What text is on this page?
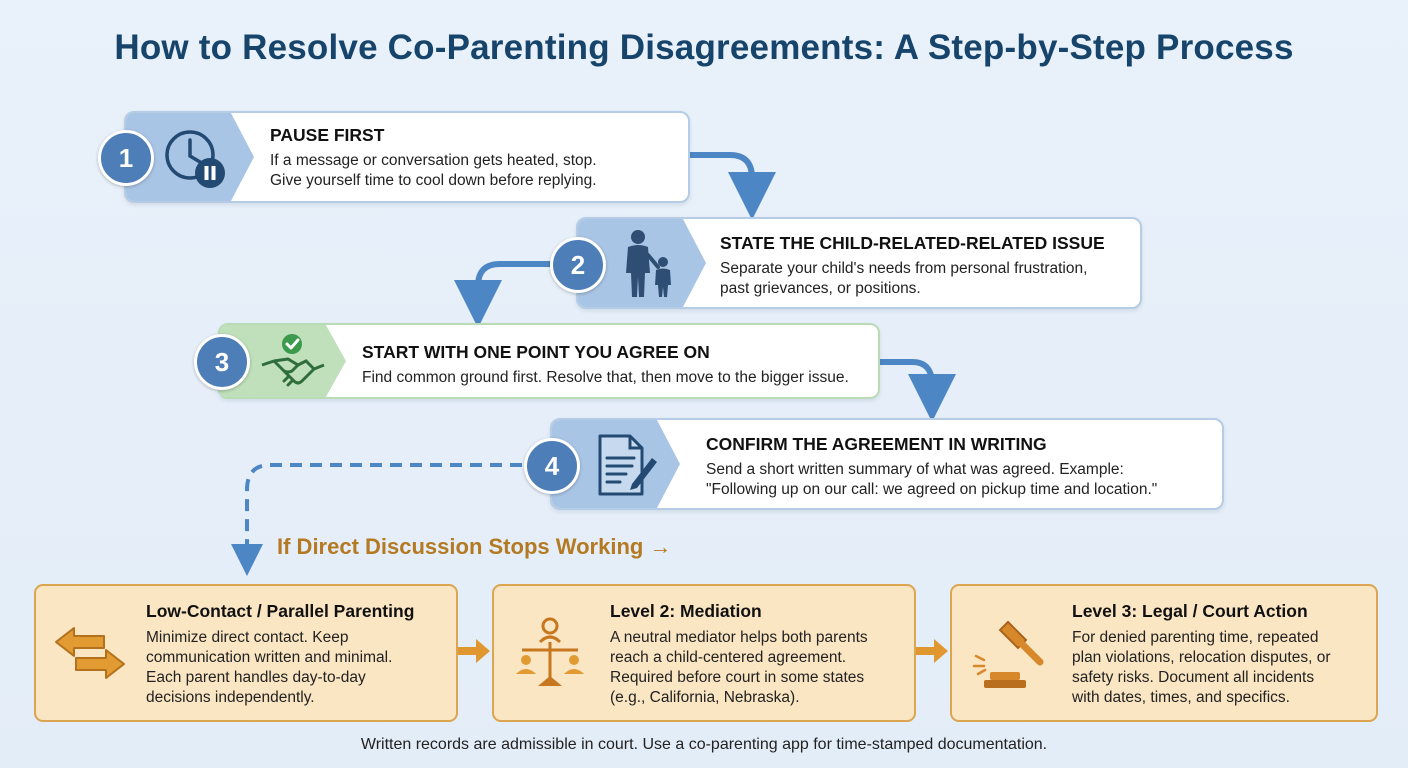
How to Resolve Co-Parenting Disagreements: A Step-by-Step Process
PAUSE FIRST
If a message or conversation gets heated, stop.
Give yourself time to cool down before replying.
1
STATE THE CHILD-RELATED-RELATED ISSUE
Separate your child's needs from personal frustration,
past grievances, or positions.
2
START WITH ONE POINT YOU AGREE ON
Find common ground first. Resolve that, then move to the bigger issue.
3
CONFIRM THE AGREEMENT IN WRITING
Send a short written summary of what was agreed. Example:
"Following up on our call: we agreed on pickup time and location."
4
If Direct Discussion Stops Working →
Low-Contact / Parallel Parenting
Minimize direct contact. Keep
communication written and minimal.
Each parent handles day-to-day
decisions independently.
Level 2: Mediation
A neutral mediator helps both parents
reach a child-centered agreement.
Required before court in some states
(e.g., California, Nebraska).
Level 3: Legal / Court Action
For denied parenting time, repeated
plan violations, relocation disputes, or
safety risks. Document all incidents
with dates, times, and specifics.
Written records are admissible in court. Use a co-parenting app for time-stamped documentation.
